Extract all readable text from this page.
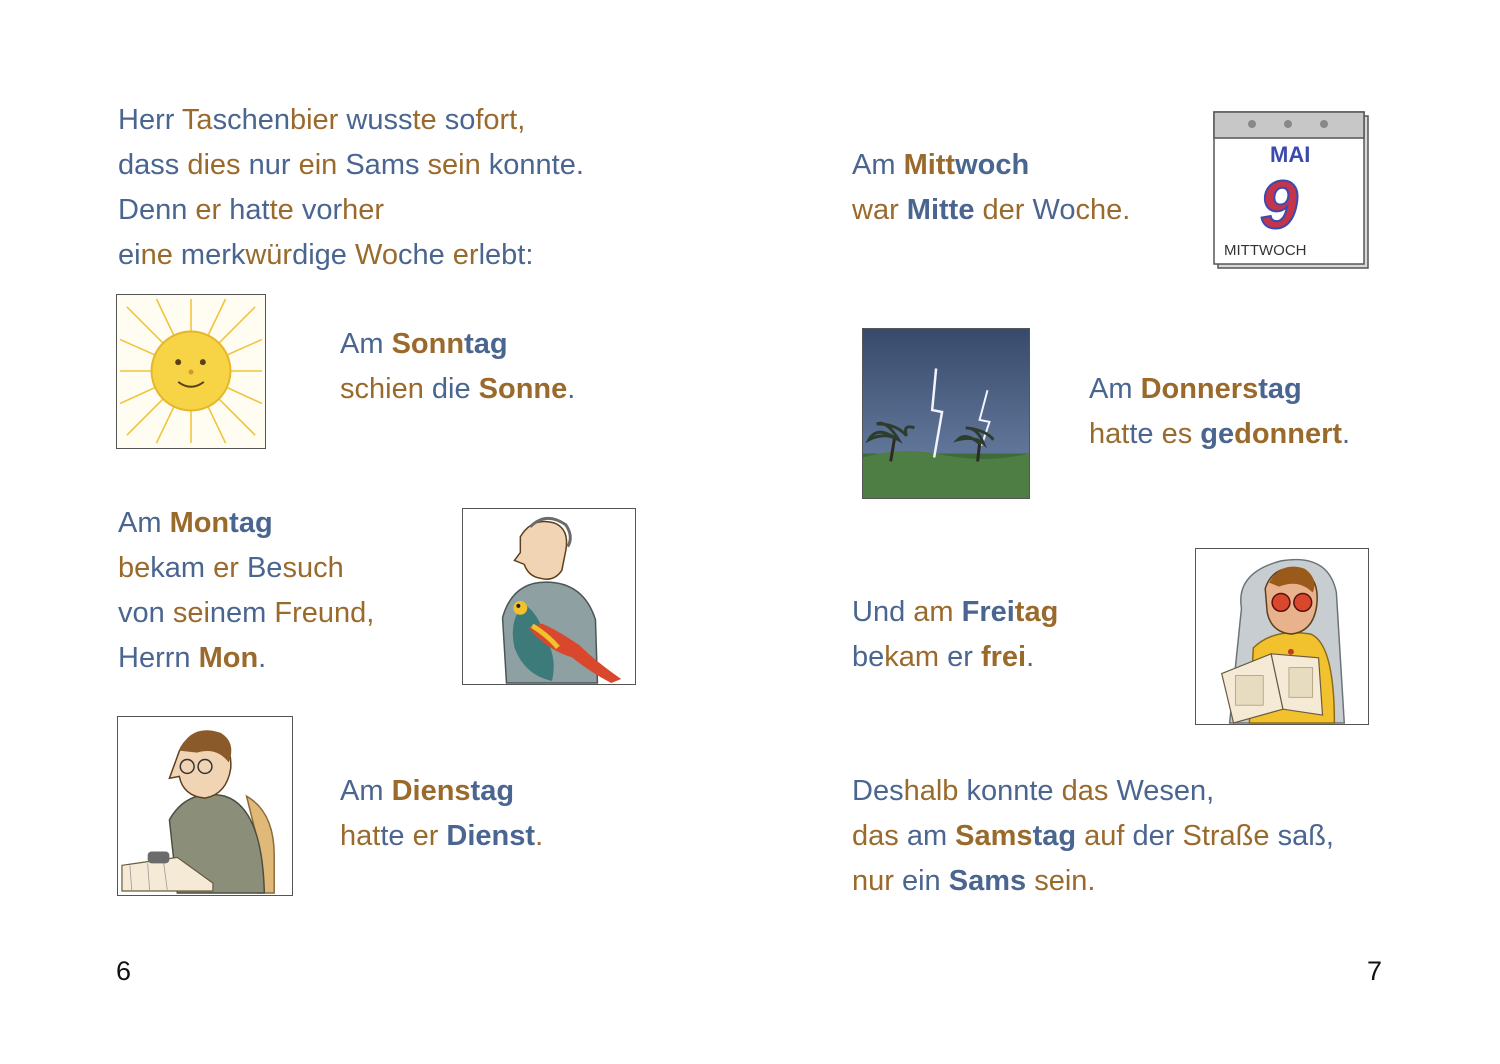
Herr Taschenbier wusste sofort,
dass dies nur ein Sams sein konnte.
Denn er hatte vorher
eine merkwürdige Woche erlebt:
Am Sonntag
schien die Sonne.
Am Montag
bekam er Besuch
von seinem Freund,
Herrn Mon.
Am Dienstag
hatte er Dienst.
6
Am Mittwoch
war Mitte der Woche.
MAI
9
MITTWOCH
Am Donnerstag
hatte es gedonnert.
Und am Freitag
bekam er frei.
Deshalb konnte das Wesen,
das am Samstag auf der Straße saß,
nur ein Sams sein.
7
